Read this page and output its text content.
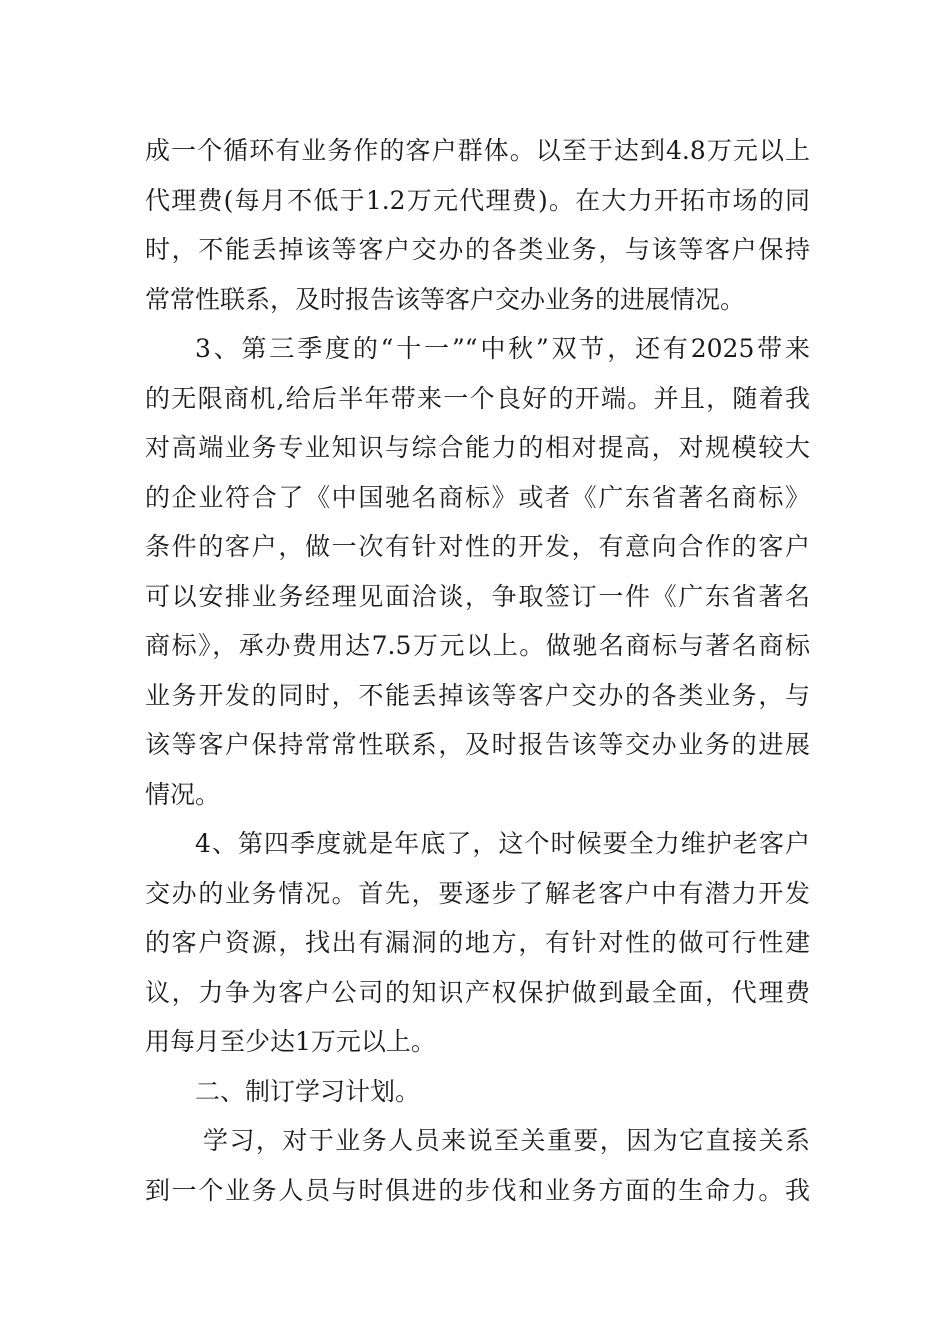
成一个循环有业务作的客户群体。以至于达到4.8万元以上
代理费(每月不低于1.2万元代理费)。在大力开拓市场的同
时，不能丢掉该等客户交办的各类业务，与该等客户保持
常常性联系，及时报告该等客户交办业务的进展情况。
3、第三季度的“十一”“中秋”双节，还有2025带来
的无限商机,给后半年带来一个良好的开端。并且，随着我
对高端业务专业知识与综合能力的相对提高，对规模较大
的企业符合了《中国驰名商标》或者《广东省著名商标》
条件的客户，做一次有针对性的开发，有意向合作的客户
可以安排业务经理见面洽谈，争取签订一件《广东省著名
商标》，承办费用达7.5万元以上。做驰名商标与著名商标
业务开发的同时，不能丢掉该等客户交办的各类业务，与
该等客户保持常常性联系，及时报告该等交办业务的进展
情况。
4、第四季度就是年底了，这个时候要全力维护老客户
交办的业务情况。首先，要逐步了解老客户中有潜力开发
的客户资源，找出有漏洞的地方，有针对性的做可行性建
议，力争为客户公司的知识产权保护做到最全面，代理费
用每月至少达1万元以上。
二、制订学习计划。
学习，对于业务人员来说至关重要，因为它直接关系
到一个业务人员与时俱进的步伐和业务方面的生命力。我
